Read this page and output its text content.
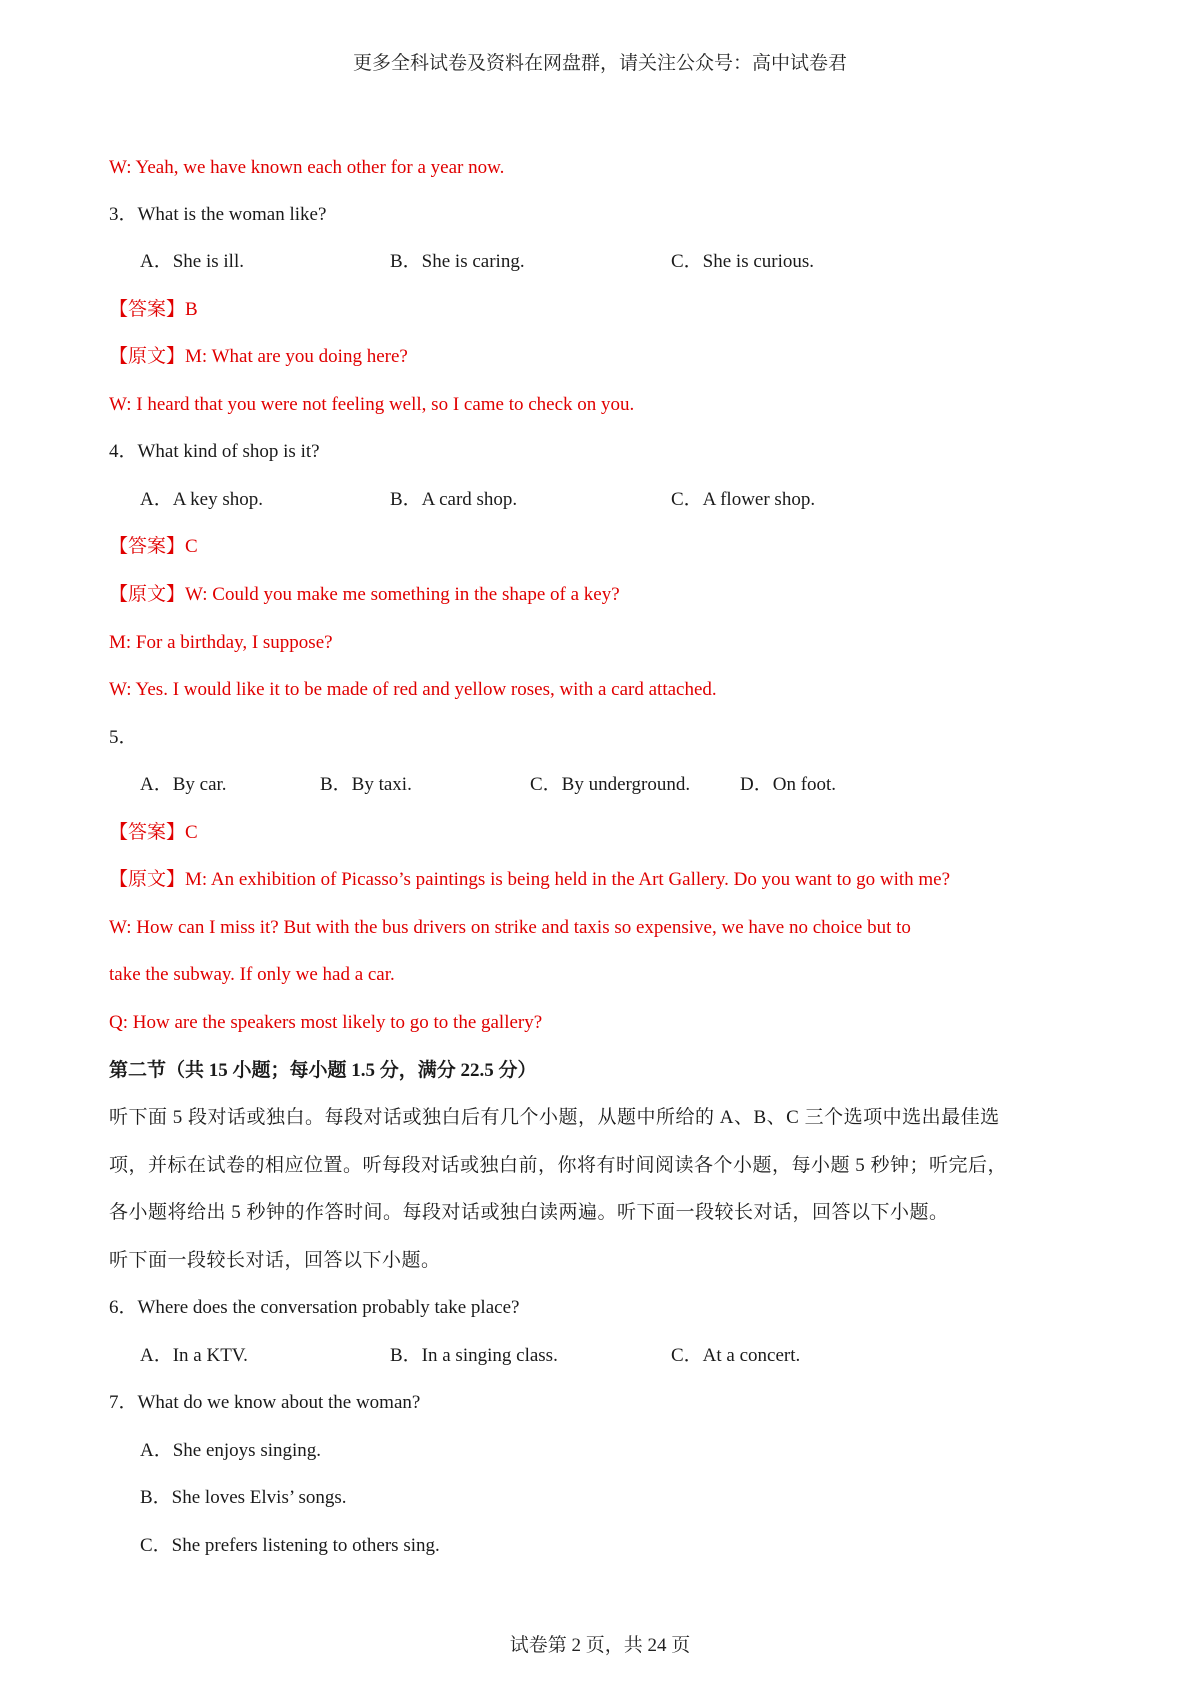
更多全科试卷及资料在网盘群，请关注公众号：高中试卷君
W: Yeah, we have known each other for a year now.
3．What is the woman like?
A．She is ill.	B．She is caring.	C．She is curious.
【答案】B
【原文】M: What are you doing here?
W: I heard that you were not feeling well, so I came to check on you.
4．What kind of shop is it?
A．A key shop.	B．A card shop.	C．A flower shop.
【答案】C
【原文】W: Could you make me something in the shape of a key?
M: For a birthday, I suppose?
W: Yes. I would like it to be made of red and yellow roses, with a card attached.
5．
A．By car.	B．By taxi.	C．By underground.	D．On foot.
【答案】C
【原文】M: An exhibition of Picasso’s paintings is being held in the Art Gallery. Do you want to go with me?
W: How can I miss it? But with the bus drivers on strike and taxis so expensive, we have no choice but to
take the subway. If only we had a car.
Q: How are the speakers most likely to go to the gallery?
第二节（共 15 小题；每小题 1.5 分，满分 22.5 分）
听下面 5 段对话或独白。每段对话或独白后有几个小题，从题中所给的 A、B、C 三个选项中选出最佳选
项，并标在试卷的相应位置。听每段对话或独白前，你将有时间阅读各个小题，每小题 5 秒钟；听完后，
各小题将给出 5 秒钟的作答时间。每段对话或独白读两遍。听下面一段较长对话，回答以下小题。
听下面一段较长对话，回答以下小题。
6．Where does the conversation probably take place?
A．In a KTV.	B．In a singing class.	C．At a concert.
7．What do we know about the woman?
A．She enjoys singing.
B．She loves Elvis’ songs.
C．She prefers listening to others sing.
试卷第 2 页，共 24 页
